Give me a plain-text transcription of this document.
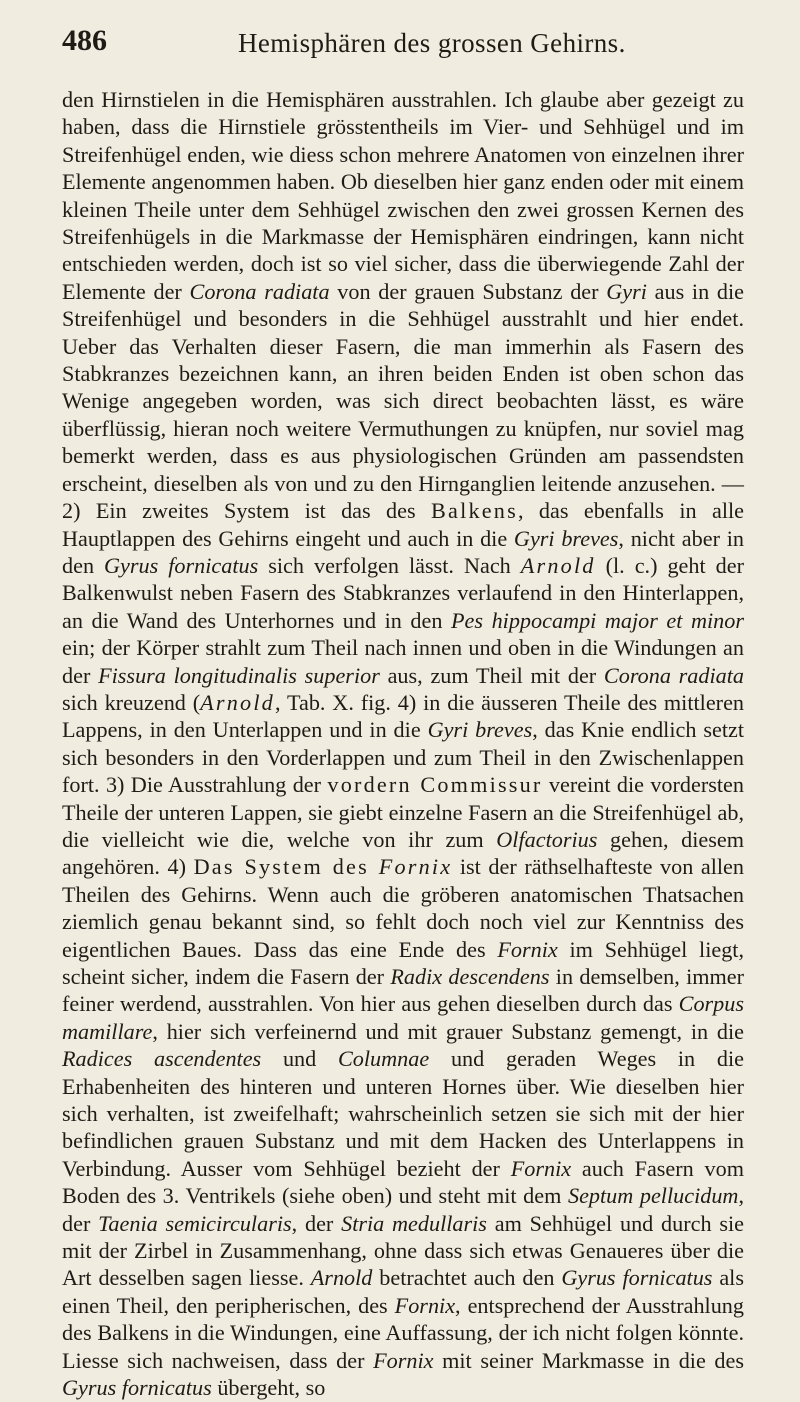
486	Hemisphären des grossen Gehirns.

den Hirnstielen in die Hemisphären ausstrahlen. Ich glaube aber gezeigt zu haben, dass die Hirnstiele grösstentheils im Vier- und Sehhügel und im Streifenhügel enden, wie diess schon mehrere Anatomen von einzelnen ihrer Elemente angenommen haben. Ob dieselben hier ganz enden oder mit einem kleinen Theile unter dem Sehhügel zwischen den zwei grossen Kernen des Streifenhügels in die Markmasse der Hemisphären eindringen, kann nicht entschieden werden, doch ist so viel sicher, dass die überwiegende Zahl der Elemente der Corona radiata von der grauen Substanz der Gyri aus in die Streifenhügel und besonders in die Sehhügel ausstrahlt und hier endet. Ueber das Verhalten dieser Fasern, die man immerhin als Fasern des Stabkranzes bezeichnen kann, an ihren beiden Enden ist oben schon das Wenige angegeben worden, was sich direct beobachten lässt, es wäre überflüssig, hieran noch weitere Vermuthungen zu knüpfen, nur soviel mag bemerkt werden, dass es aus physiologischen Gründen am passendsten erscheint, dieselben als von und zu den Hirnganglien leitende anzusehen. — 2) Ein zweites System ist das des Balkens, das ebenfalls in alle Hauptlappen des Gehirns eingeht und auch in die Gyri breves, nicht aber in den Gyrus fornicatus sich verfolgen lässt. Nach Arnold (l. c.) geht der Balkenwulst neben Fasern des Stabkranzes verlaufend in den Hinterlappen, an die Wand des Unterhornes und in den Pes hippocampi major et minor ein; der Körper strahlt zum Theil nach innen und oben in die Windungen an der Fissura longitudinalis superior aus, zum Theil mit der Corona radiata sich kreuzend (Arnold, Tab. X. fig. 4) in die äusseren Theile des mittleren Lappens, in den Unterlappen und in die Gyri breves, das Knie endlich setzt sich besonders in den Vorderlappen und zum Theil in den Zwischenlappen fort. 3) Die Ausstrahlung der vordern Commissur vereint die vordersten Theile der unteren Lappen, sie giebt einzelne Fasern an die Streifenhügel ab, die vielleicht wie die, welche von ihr zum Olfactorius gehen, diesem angehören. 4) Das System des Fornix ist der räthselhafteste von allen Theilen des Gehirns. Wenn auch die gröberen anatomischen Thatsachen ziemlich genau bekannt sind, so fehlt doch noch viel zur Kenntniss des eigentlichen Baues. Dass das eine Ende des Fornix im Sehhügel liegt, scheint sicher, indem die Fasern der Radix descendens in demselben, immer feiner werdend, ausstrahlen. Von hier aus gehen dieselben durch das Corpus mamillare, hier sich verfeinernd und mit grauer Substanz gemengt, in die Radices ascendentes und Columnae und geraden Weges in die Erhabenheiten des hinteren und unteren Hornes über. Wie dieselben hier sich verhalten, ist zweifelhaft; wahrscheinlich setzen sie sich mit der hier befindlichen grauen Substanz und mit dem Hacken des Unterlappens in Verbindung. Ausser vom Sehhügel bezieht der Fornix auch Fasern vom Boden des 3. Ventrikels (siehe oben) und steht mit dem Septum pellucidum, der Taenia semicircularis, der Stria medullaris am Sehhügel und durch sie mit der Zirbel in Zusammenhang, ohne dass sich etwas Genaueres über die Art desselben sagen liesse. Arnold betrachtet auch den Gyrus fornicatus als einen Theil, den peripherischen, des Fornix, entsprechend der Ausstrahlung des Balkens in die Windungen, eine Auffassung, der ich nicht folgen könnte. Liesse sich nachweisen, dass der Fornix mit seiner Markmasse in die des Gyrus fornicatus übergeht, so
